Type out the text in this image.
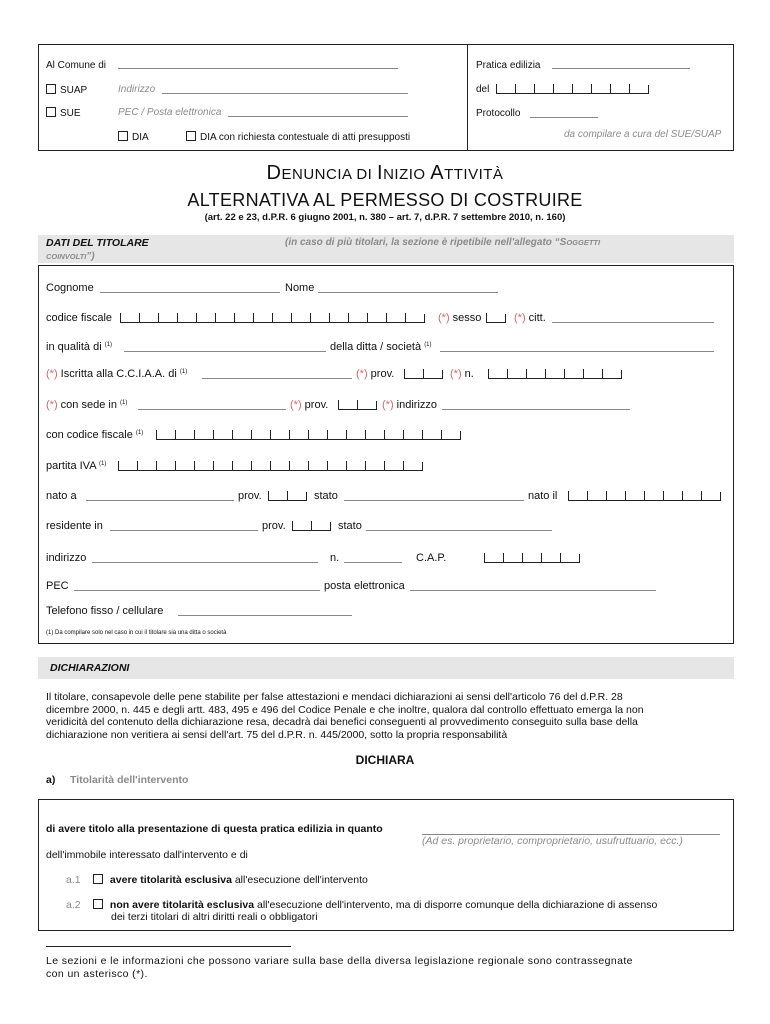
Al Comune di
SUAP	Indirizzo
SUE	PEC / Posta elettronica
DIA	DIA con richiesta contestuale di atti presupposti
Pratica edilizia
del
Protocollo
da compilare a cura del SUE/SUAP
DENUNCIA DI INIZIO ATTIVITÀ
ALTERNATIVA AL PERMESSO DI COSTRUIRE
(art. 22 e 23, d.P.R. 6 giugno 2001, n. 380 – art. 7, d.P.R. 7 settembre 2010, n. 160)
DATI DEL TITOLARE	(in caso di più titolari, la sezione è ripetibile nell'allegato “SOGGETTI
COINVOLTI”)
Cognome	Nome
codice fiscale	(*) sesso	(*) citt.
in qualità di $^{(1)}$	della ditta / società $^{(1)}$
(*) Iscritta alla C.C.I.A.A. di $^{(1)}$	(*) prov.	(*) n.
(*) con sede in $^{(1)}$	(*) prov.	(*) indirizzo
con codice fiscale $^{(1)}$
partita IVA $^{(1)}$
nato a	prov.	stato	nato il
residente in	prov.	stato
indirizzo	n.	C.A.P.
PEC	posta elettronica
Telefono fisso / cellulare
(1) Da compilare solo nel caso in cui il titolare sia una ditta o società
DICHIARAZIONI
Il titolare, consapevole delle pene stabilite per false attestazioni e mendaci dichiarazioni ai sensi dell'articolo 76 del d.P.R. 28
dicembre 2000, n. 445 e degli artt. 483, 495 e 496 del Codice Penale e che inoltre, qualora dal controllo effettuato emerga la non
veridicità del contenuto della dichiarazione resa, decadrà dai benefici conseguenti al provvedimento conseguito sulla base della
dichiarazione non veritiera ai sensi dell'art. 75 del d.P.R. n. 445/2000, sotto la propria responsabilità
DICHIARA
a) Titolarità dell'intervento
di avere titolo alla presentazione di questa pratica edilizia in quanto
(Ad es. proprietario, comproprietario, usufruttuario, ecc.)
dell'immobile interessato dall'intervento e di
a.1	avere titolarità esclusiva all'esecuzione dell'intervento
a.2	non avere titolarità esclusiva all'esecuzione dell'intervento, ma di disporre comunque della dichiarazione di assenso
dei terzi titolari di altri diritti reali o obbligatori
Le sezioni e le informazioni che possono variare sulla base della diversa legislazione regionale sono contrassegnate
con un asterisco (*).
